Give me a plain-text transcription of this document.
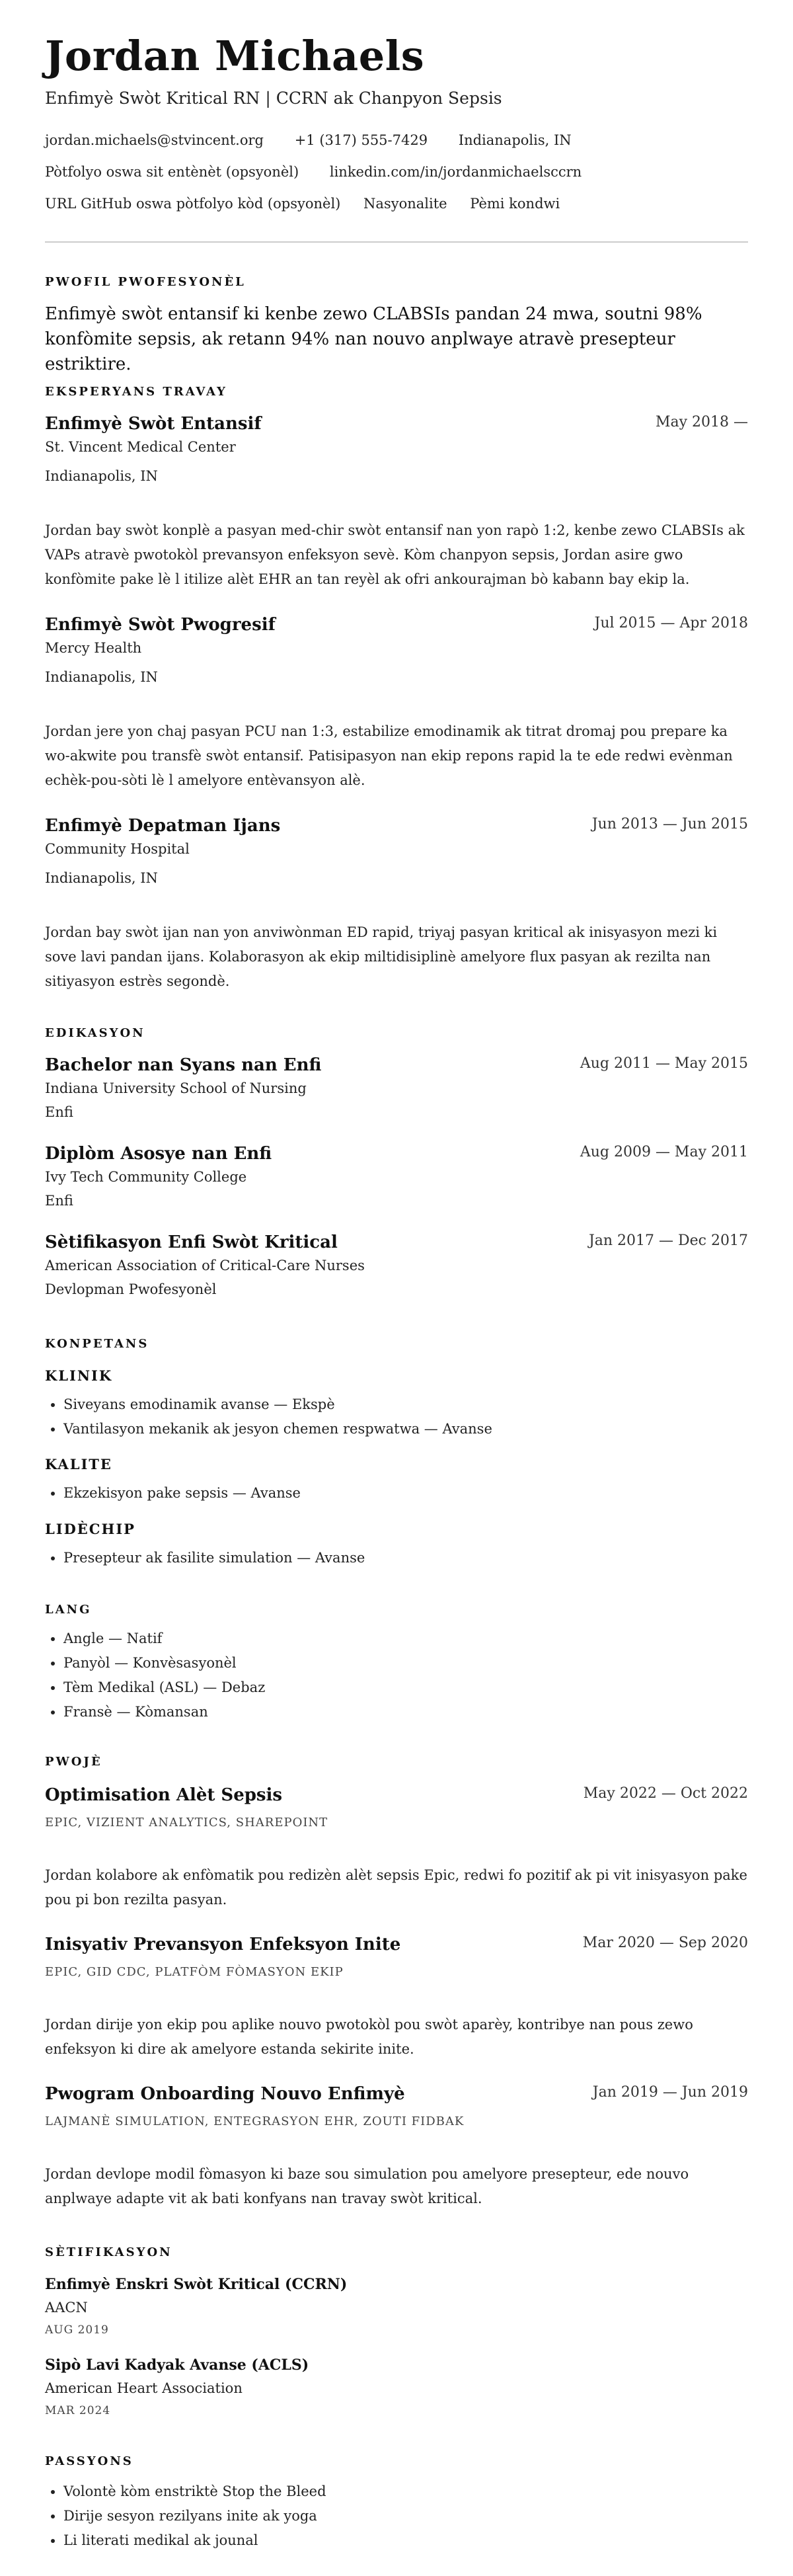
Jordan Michaels
Enfimyè Swòt Kritical RN | CCRN ak Chanpyon Sepsis
jordan.michaels@stvincent.org +1 (317) 555-7429 Indianapolis, IN
Pòtfolyo oswa sit entènèt (opsyonèl) linkedin.com/in/jordanmichaelsccrn
URL GitHub oswa pòtfolyo kòd (opsyonèl) Nasyonalite Pèmi kondwi
PWOFIL PWOFESYONÈL
Enfimyè swòt entansif ki kenbe zewo CLABSIs pandan 24 mwa, soutni 98% konfòmite sepsis, ak retann 94% nan nouvo anplwaye atravè presepteur estriktire.
EKSPERYANS TRAVAY
Enfimyè Swòt Entansif	May 2018 —
St. Vincent Medical Center
Indianapolis, IN
Jordan bay swòt konplè a pasyan med-chir swòt entansif nan yon rapò 1:2, kenbe zewo CLABSIs ak VAPs atravè pwotokòl prevansyon enfeksyon sevè. Kòm chanpyon sepsis, Jordan asire gwo konfòmite pake lè l itilize alèt EHR an tan reyèl ak ofri ankourajman bò kabann bay ekip la.
Enfimyè Swòt Pwogresif	Jul 2015 — Apr 2018
Mercy Health
Indianapolis, IN
Jordan jere yon chaj pasyan PCU nan 1:3, estabilize emodinamik ak titrat dromaj pou prepare ka wo-akwite pou transfè swòt entansif. Patisipasyon nan ekip repons rapid la te ede redwi evènman echèk-pou-sòti lè l amelyore entèvansyon alè.
Enfimyè Depatman Ijans	Jun 2013 — Jun 2015
Community Hospital
Indianapolis, IN
Jordan bay swòt ijan nan yon anviwònman ED rapid, triyaj pasyan kritical ak inisyasyon mezi ki sove lavi pandan ijans. Kolaborasyon ak ekip miltidisiplinè amelyore flux pasyan ak rezilta nan sitiyasyon estrès segondè.
EDIKASYON
Bachelor nan Syans nan Enfi	Aug 2011 — May 2015
Indiana University School of Nursing
Enfi
Diplòm Asosye nan Enfi	Aug 2009 — May 2011
Ivy Tech Community College
Enfi
Sètifikasyon Enfi Swòt Kritical	Jan 2017 — Dec 2017
American Association of Critical-Care Nurses
Devlopman Pwofesyonèl
KONPETANS
KLINIK
• Siveyans emodinamik avanse — Ekspè
• Vantilasyon mekanik ak jesyon chemen respwatwa — Avanse
KALITE
• Ekzekisyon pake sepsis — Avanse
LIDÈCHIP
• Presepteur ak fasilite simulation — Avanse
LANG
• Angle — Natif
• Panyòl — Konvèsasyonèl
• Tèm Medikal (ASL) — Debaz
• Fransè — Kòmansan
PWOJÈ
Optimisation Alèt Sepsis	May 2022 — Oct 2022
EPIC, VIZIENT ANALYTICS, SHAREPOINT
Jordan kolabore ak enfòmatik pou redizèn alèt sepsis Epic, redwi fo pozitif ak pi vit inisyasyon pake pou pi bon rezilta pasyan.
Inisyativ Prevansyon Enfeksyon Inite	Mar 2020 — Sep 2020
EPIC, GID CDC, PLATFÒM FÒMASYON EKIP
Jordan dirije yon ekip pou aplike nouvo pwotokòl pou swòt aparèy, kontribye nan pous zewo enfeksyon ki dire ak amelyore estanda sekirite inite.
Pwogram Onboarding Nouvo Enfimyè	Jan 2019 — Jun 2019
LAJMANÈ SIMULATION, ENTEGRASYON EHR, ZOUTI FIDBAK
Jordan devlope modil fòmasyon ki baze sou simulation pou amelyore presepteur, ede nouvo anplwaye adapte vit ak bati konfyans nan travay swòt kritical.
SÈTIFIKASYON
Enfimyè Enskri Swòt Kritical (CCRN)
AACN
AUG 2019
Sipò Lavi Kadyak Avanse (ACLS)
American Heart Association
MAR 2024
PASSYONS
• Volontè kòm enstriktè Stop the Bleed
• Dirije sesyon rezilyans inite ak yoga
• Li literati medikal ak jounal
